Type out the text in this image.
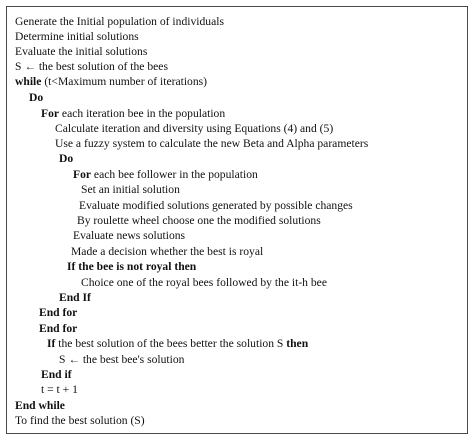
Generate the Initial population of individuals
Determine initial solutions
Evaluate the initial solutions
S ← the best solution of the bees
while (t<Maximum number of iterations)
Do
For each iteration bee in the population
Calculate iteration and diversity using Equations (4) and (5)
Use a fuzzy system to calculate the new Beta and Alpha parameters
Do
For each bee follower in the population
Set an initial solution
Evaluate modified solutions generated by possible changes
By roulette wheel choose one the modified solutions
Evaluate news solutions
Made a decision whether the best is royal
If the bee is not royal then
Choice one of the royal bees followed by the it-h bee
End If
End for
End for
If the best solution of the bees better the solution S then
S ← the best bee's solution
End if
t = t + 1
End while
To find the best solution (S)
